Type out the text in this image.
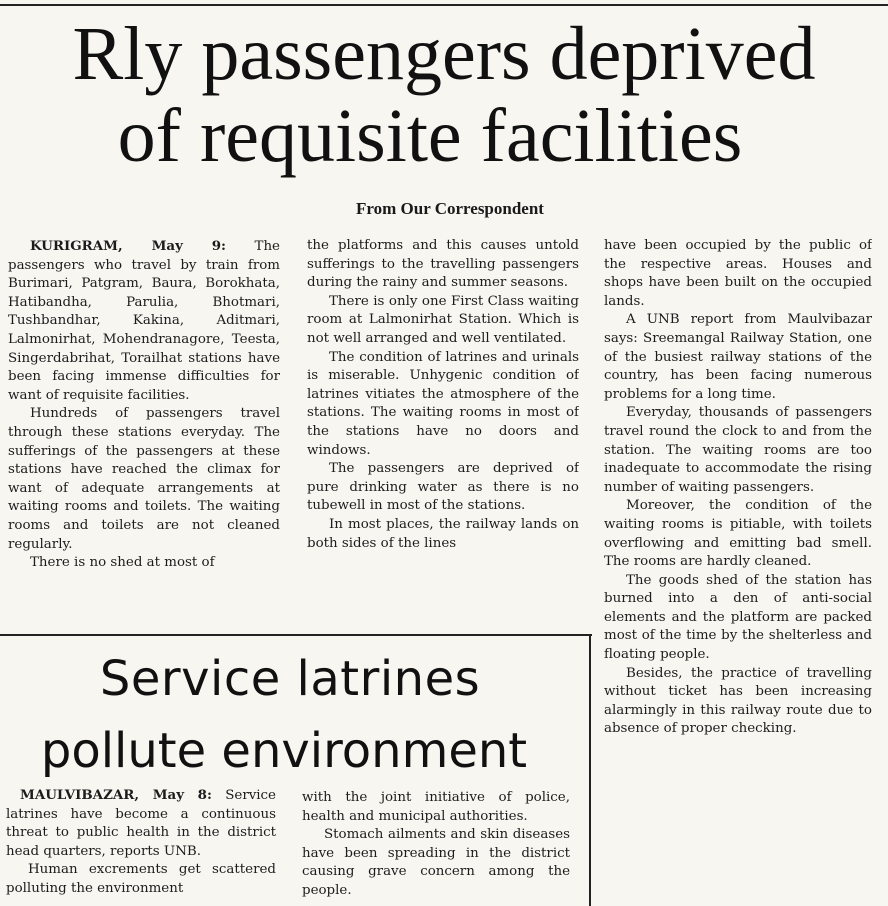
Rly passengers deprived
of requisite facilities
From Our Correspondent

KURIGRAM, May 9: The passengers who travel by train from Burimari, Patgram, Baura, Borokhata, Hatibandha, Parulia, Bhotmari, Tushbandhar, Kakina, Aditmari, Lalmonirhat, Mohendranagore, Teesta, Singerdabrihat, Torailhat stations have been facing immense difficulties for want of requisite facilities.

Hundreds of passengers travel through these stations everyday. The sufferings of the passengers at these stations have reached the climax for want of adequate arrangements at waiting rooms and toilets. The waiting rooms and toilets are not cleaned regularly.

There is no shed at most of

the platforms and this causes untold sufferings to the travelling passengers during the rainy and summer seasons.

There is only one First Class waiting room at Lalmonirhat Station. Which is not well arranged and well ventilated.

The condition of latrines and urinals is miserable. Unhygenic condition of latrines vitiates the atmosphere of the stations. The waiting rooms in most of the stations have no doors and windows.

The passengers are deprived of pure drinking water as there is no tubewell in most of the stations.

In most places, the railway lands on both sides of the lines

have been occupied by the public of the respective areas. Houses and shops have been built on the occupied lands.

A UNB report from Maulvibazar says: Sreemangal Railway Station, one of the busiest railway stations of the country, has been facing numerous problems for a long time.

Everyday, thousands of passengers travel round the clock to and from the station. The waiting rooms are too inadequate to accommodate the rising number of waiting passengers.

Moreover, the condition of the waiting rooms is pitiable, with toilets overflowing and emitting bad smell. The rooms are hardly cleaned.

The goods shed of the station has burned into a den of anti-social elements and the platform are packed most of the time by the shelterless and floating people.

Besides, the practice of travelling without ticket has been increasing alarmingly in this railway route due to absence of proper checking.

Service latrines
pollute environment

MAULVIBAZAR, May 8: Service latrines have become a continuous threat to public health in the district head quarters, reports UNB.

Human excrements get scattered polluting the environment

with the joint initiative of police, health and municipal authorities.

Stomach ailments and skin diseases have been spreading in the district causing grave concern among the people.
